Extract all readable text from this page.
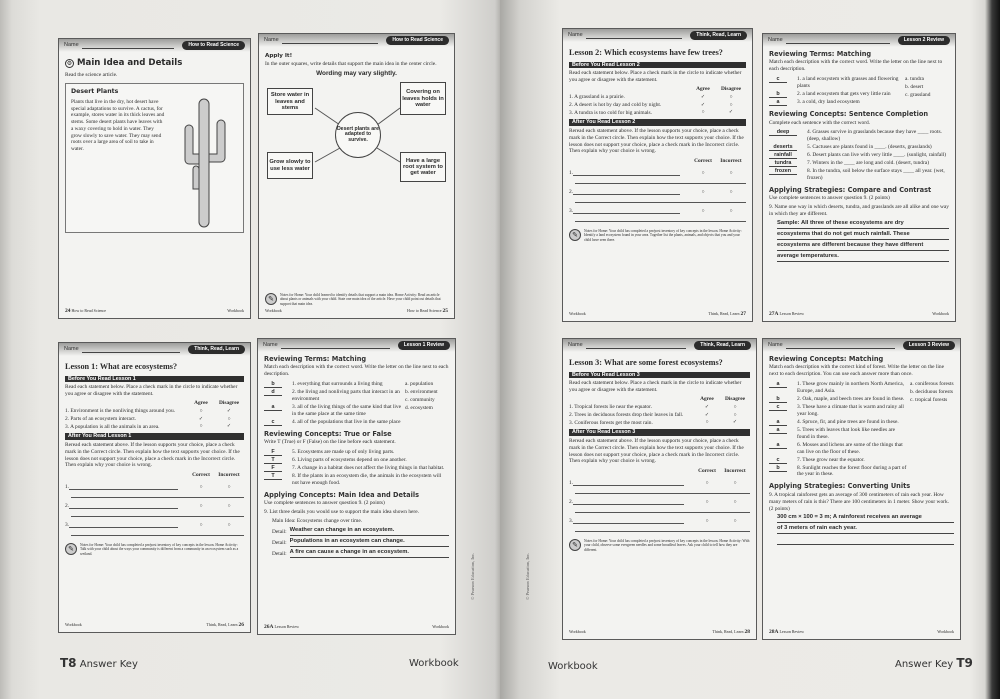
Name	How to Read Science
⚙ Main Idea and Details
Read the science article.
Desert Plants

Plants that live in the dry, hot desert have special adaptations to survive. A cactus, for example, stores water in its thick leaves and stems. Some desert plants have leaves with a waxy covering to hold in water. They grow slowly to save water. They may send roots over a large area of soil to take in water.

24 How to Read Science	Workbook
Name	How to Read Science
Apply It!
In the outer squares, write details that support the main idea in the center circle.
Wording may vary slightly.
Store water in leaves and stems
Covering on leaves holds in water
Grow slowly to use less water
Have a large root system to get water
Desert plants are adapted to survive.
✎	Notes for Home: Your child learned to identify details that support a main idea. Home Activity: Read an article about plants or animals with your child. State one main idea of the article. Have your child point out details that support that main idea.
Workbook	How to Read Science 25
Name	Think, Read, Learn
Lesson 2: Which ecosystems have few trees?
Before You Read Lesson 2
Read each statement below. Place a check mark in the circle to indicate whether you agree or disagree with the statement.
Agree	Disagree
1. A grassland is a prairie.	✓	○
2. A desert is hot by day and cold by night.	✓	○
3. A tundra is too cold for big animals.	○	✓
After You Read Lesson 2
Reread each statement above. If the lesson supports your choice, place a check mark in the Correct circle. Then explain how the text supports your choice. If the lesson does not support your choice, place a check mark in the Incorrect circle. Then explain why your choice is wrong.
Correct	Incorrect
1.	○	○
2.	○	○
3.	○	○
✎	Notes for Home: Your child has completed a pre/post inventory of key concepts in the lesson. Home Activity: Identify a land ecosystem found in your area. Together list the plants, animals, and objects that you and your child have seen there.
Workbook	Think, Read, Learn 27
Name	Lesson 2 Review
Reviewing Terms: Matching
Match each description with the correct word. Write the letter on the line next to each description.
c	1. a land ecosystem with grasses and flowering plants
b	2. a land ecosystem that gets very little rain
a	3. a cold, dry land ecosystem
a. tundra
b. desert
c. grassland
Reviewing Concepts: Sentence Completion
Complete each sentence with the correct word.
deep	4. Grasses survive in grasslands because they have ____ roots. (deep, shallow)
deserts	5. Cactuses are plants found in ____. (deserts, grasslands)
rainfall	6. Desert plants can live with very little ____. (sunlight, rainfall)
tundra	7. Winters in the ____ are long and cold. (desert, tundra)
frozen	8. In the tundra, soil below the surface stays ____ all year. (wet, frozen)
Applying Strategies: Compare and Contrast
Use complete sentences to answer question 9. (2 points)
9. Name one way in which deserts, tundra, and grasslands are all alike and one way in which they are different.
Sample: All three of these ecosystems are dry
ecosystems that do not get much rainfall. These
ecosystems are different because they have different
average temperatures.
27A Lesson Review	Workbook
Name	Think, Read, Learn
Lesson 1: What are ecosystems?
Before You Read Lesson 1
Read each statement below. Place a check mark in the circle to indicate whether you agree or disagree with the statement.
Agree	Disagree
1. Environment is the nonliving things around you.	○	✓
2. Parts of an ecosystem interact.	✓	○
3. A population is all the animals in an area.	○	✓
After You Read Lesson 1
Reread each statement above. If the lesson supports your choice, place a check mark in the Correct circle. Then explain how the text supports your choice. If the lesson does not support your choice, place a check mark in the Incorrect circle. Then explain why your choice is wrong.
Correct	Incorrect
1.	○	○
2.	○	○
3.	○	○
✎	Notes for Home: Your child has completed a pre/post inventory of key concepts in the lesson. Home Activity: Talk with your child about the ways your community is different from a community in an ecosystem such as a wetland.
Workbook	Think, Read, Learn 26
Name	Lesson 1 Review
Reviewing Terms: Matching
Match each description with the correct word. Write the letter on the line next to each description.
b	1. everything that surrounds a living thing
d	2. the living and nonliving parts that interact in an environment
a	3. all of the living things of the same kind that live in the same place at the same time
c	4. all of the populations that live in the same place
a. population
b. environment
c. community
d. ecosystem
Reviewing Concepts: True or False
Write T (True) or F (False) on the line before each statement.
F	5. Ecosystems are made up of only living parts.
T	6. Living parts of ecosystems depend on one another.
F	7. A change in a habitat does not affect the living things in that habitat.
T	8. If the plants in an ecosystem die, the animals in the ecosystem will not have enough food.
Applying Concepts: Main Idea and Details
Use complete sentences to answer question 9. (2 points)
9. List three details you would use to support the main idea shown here.
Main Idea: Ecosystems change over time.
Detail: Weather can change in an ecosystem.
Detail: Populations in an ecosystem can change.
Detail: A fire can cause a change in an ecosystem.
26A Lesson Review	Workbook
Name	Think, Read, Learn
Lesson 3: What are some forest ecosystems?
Before You Read Lesson 3
Read each statement below. Place a check mark in the circle to indicate whether you agree or disagree with the statement.
Agree	Disagree
1. Tropical forests lie near the equator.	✓	○
2. Trees in deciduous forests drop their leaves in fall.	✓	○
3. Coniferous forests get the most rain.	○	✓
After You Read Lesson 3
Reread each statement above. If the lesson supports your choice, place a check mark in the Correct circle. Then explain how the text supports your choice. If the lesson does not support your choice, place a check mark in the Incorrect circle. Then explain why your choice is wrong.
Correct	Incorrect
1.	○	○
2.	○	○
3.	○	○
✎	Notes for Home: Your child has completed a pre/post inventory of key concepts in the lesson. Home Activity: With your child, observe some evergreen needles and some broadleaf leaves. Ask your child to tell how they are different.
Workbook	Think, Read, Learn 28
Name	Lesson 3 Review
Reviewing Concepts: Matching
Match each description with the correct kind of forest. Write the letter on the line next to each description. You can use each answer more than once.
a	1. These grow mainly in northern North America, Europe, and Asia.
b	2. Oak, maple, and beech trees are found in these.
c	3. These have a climate that is warm and rainy all year long.
a	4. Spruce, fir, and pine trees are found in these.
a	5. Trees with leaves that look like needles are found in these.
a	6. Mosses and lichens are some of the things that can live on the floor of these.
c	7. These grow near the equator.
b	8. Sunlight reaches the forest floor during a part of the year in these.
a. coniferous forests
b. deciduous forests
c. tropical forests
Applying Strategies: Converting Units
9. A tropical rainforest gets an average of 300 centimeters of rain each year. How many meters of rain is this? There are 100 centimeters in 1 meter. Show your work. (2 points)
300 cm × 100 = 3 m; A rainforest receives an average
of 3 meters of rain each year.
28A Lesson Review	Workbook
© Pearson Education, Inc.	© Pearson Education, Inc.
T8 Answer Key	Workbook	Workbook	Answer Key T9
